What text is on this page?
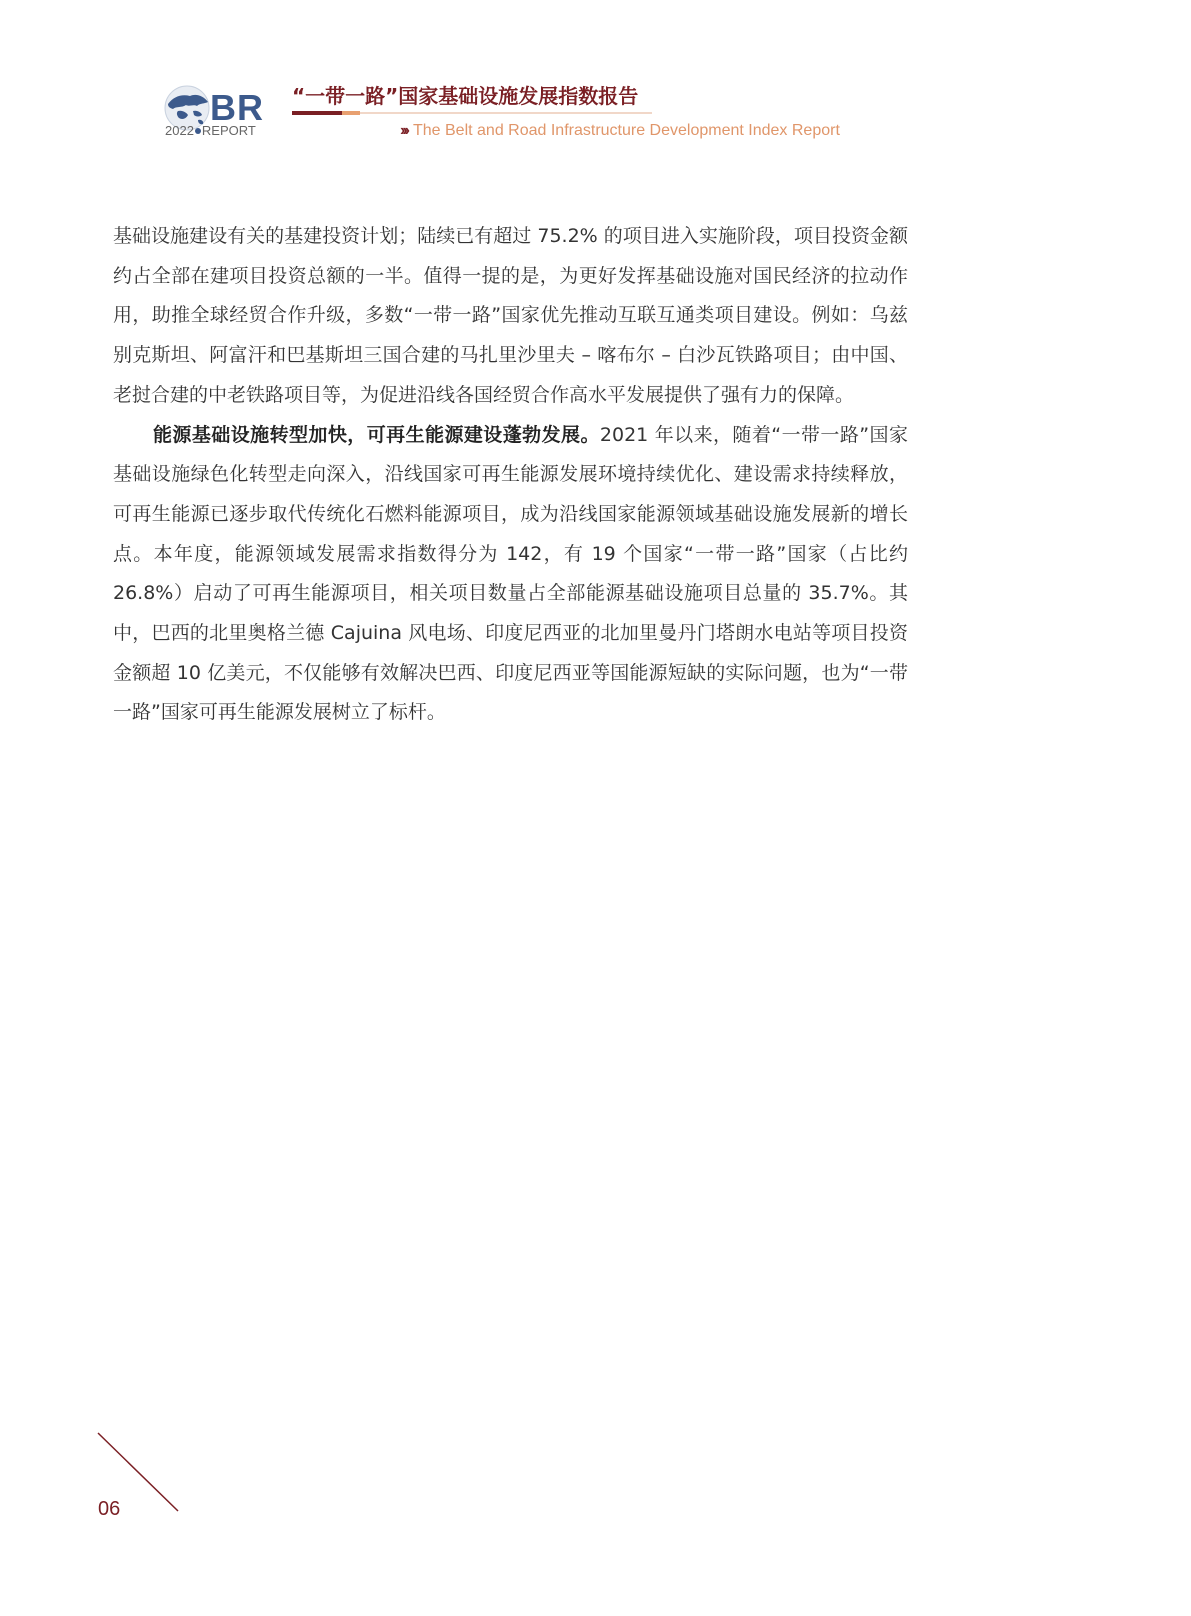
BR
2022 REPORT
“一带一路”国家基础设施发展指数报告
››› The Belt and Road Infrastructure Development Index Report

基础设施建设有关的基建投资计划；陆续已有超过 75.2% 的项目进入实施阶段，项目投资金额约占全部在建项目投资总额的一半。值得一提的是，为更好发挥基础设施对国民经济的拉动作用，助推全球经贸合作升级，多数“一带一路”国家优先推动互联互通类项目建设。例如：乌兹别克斯坦、阿富汗和巴基斯坦三国合建的马扎里沙里夫 – 喀布尔 – 白沙瓦铁路项目；由中国、老挝合建的中老铁路项目等，为促进沿线各国经贸合作高水平发展提供了强有力的保障。

能源基础设施转型加快，可再生能源建设蓬勃发展。2021 年以来，随着“一带一路”国家基础设施绿色化转型走向深入，沿线国家可再生能源发展环境持续优化、建设需求持续释放，可再生能源已逐步取代传统化石燃料能源项目，成为沿线国家能源领域基础设施发展新的增长点。本年度，能源领域发展需求指数得分为 142，有 19 个国家“一带一路”国家（占比约 26.8%）启动了可再生能源项目，相关项目数量占全部能源基础设施项目总量的 35.7%。其中，巴西的北里奥格兰德 Cajuina 风电场、印度尼西亚的北加里曼丹门塔朗水电站等项目投资金额超 10 亿美元，不仅能够有效解决巴西、印度尼西亚等国能源短缺的实际问题，也为“一带一路”国家可再生能源发展树立了标杆。

06
